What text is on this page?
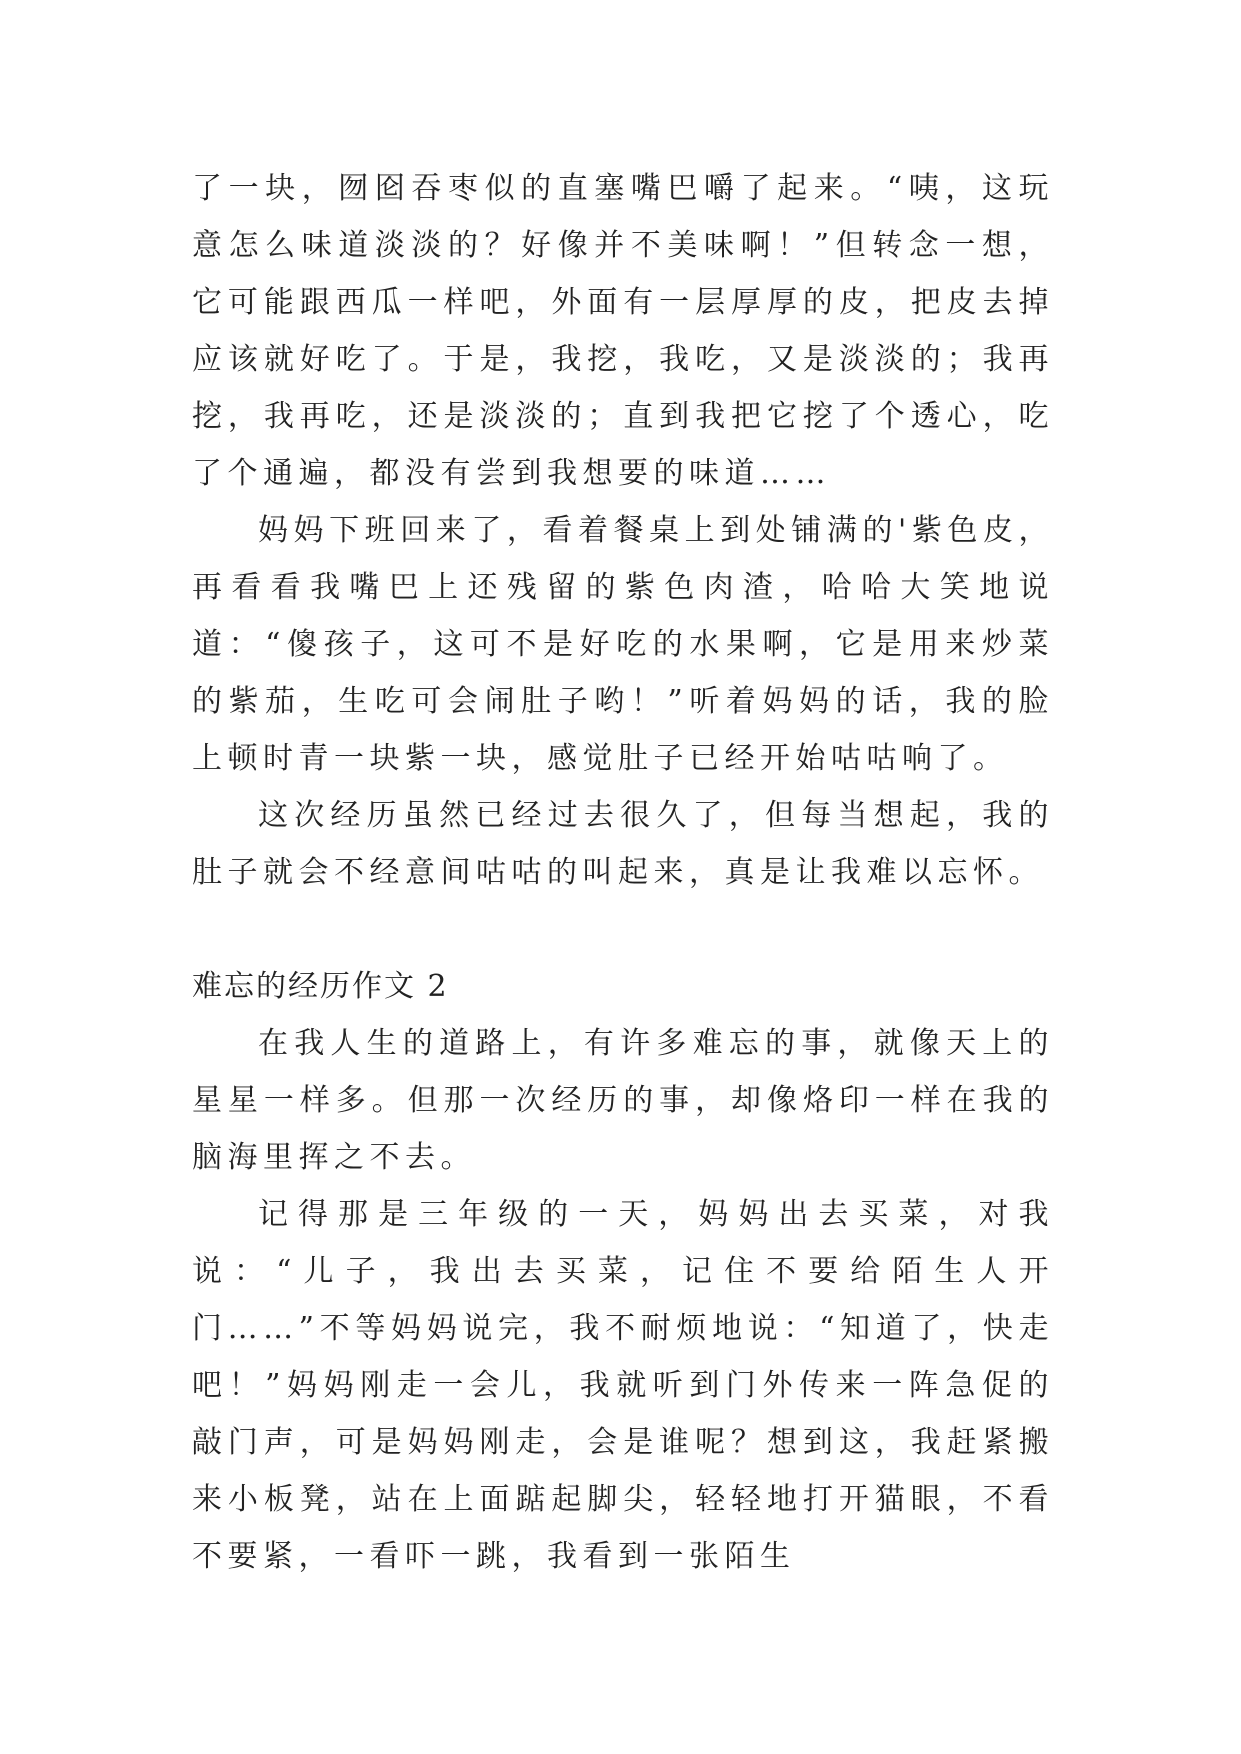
了一块，囫囵吞枣似的直塞嘴巴嚼了起来。“咦，这玩意怎么味道淡淡的？好像并不美味啊！”但转念一想，它可能跟西瓜一样吧，外面有一层厚厚的皮，把皮去掉应该就好吃了。于是，我挖，我吃，又是淡淡的；我再挖，我再吃，还是淡淡的；直到我把它挖了个透心，吃了个通遍，都没有尝到我想要的味道……

妈妈下班回来了，看着餐桌上到处铺满的'紫色皮，再看看我嘴巴上还残留的紫色肉渣，哈哈大笑地说道：“傻孩子，这可不是好吃的水果啊，它是用来炒菜的紫茄，生吃可会闹肚子哟！”听着妈妈的话，我的脸上顿时青一块紫一块，感觉肚子已经开始咕咕响了。

这次经历虽然已经过去很久了，但每当想起，我的肚子就会不经意间咕咕的叫起来，真是让我难以忘怀。

难忘的经历作文 2

在我人生的道路上，有许多难忘的事，就像天上的星星一样多。但那一次经历的事，却像烙印一样在我的脑海里挥之不去。

记得那是三年级的一天，妈妈出去买菜，对我说：“儿子，我出去买菜，记住不要给陌生人开门……”不等妈妈说完，我不耐烦地说：“知道了，快走吧！”妈妈刚走一会儿，我就听到门外传来一阵急促的敲门声，可是妈妈刚走，会是谁呢？想到这，我赶紧搬来小板凳，站在上面踮起脚尖，轻轻地打开猫眼，不看不要紧，一看吓一跳，我看到一张陌生
